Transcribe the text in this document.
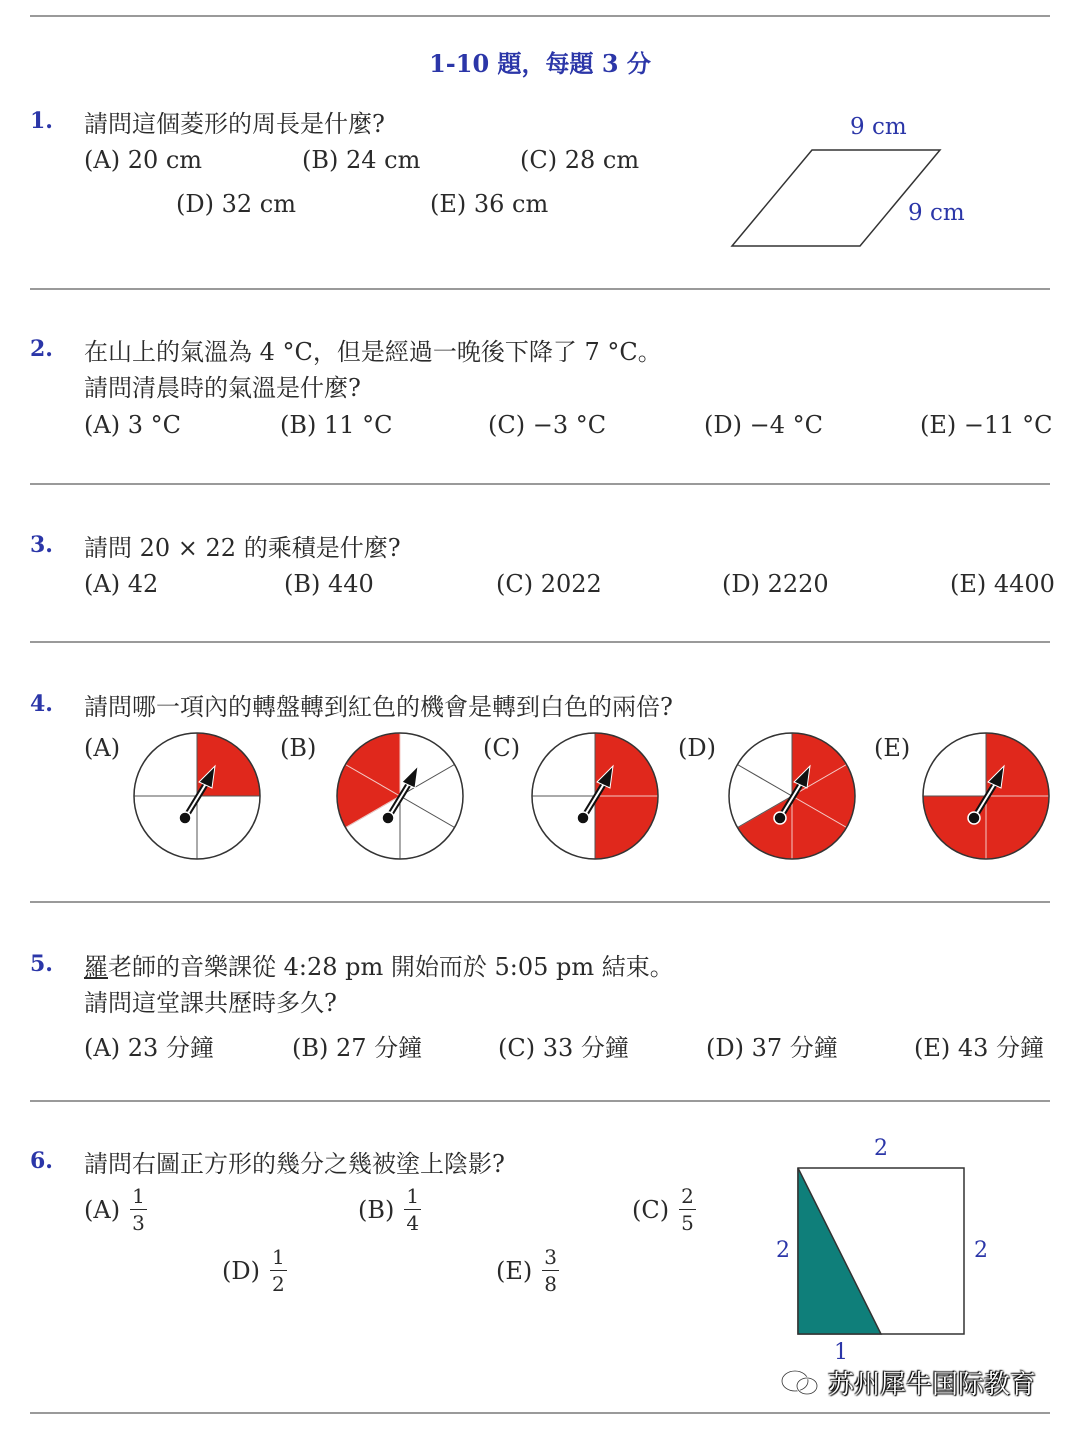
1-10 題，每題 3 分
1. 請問這個菱形的周長是什麼?
(A) 20 cm	(B) 24 cm	(C) 28 cm
(D) 32 cm	(E) 36 cm
9 cm
9 cm
2. 在山上的氣溫為 4 °C，但是經過一晚後下降了 7 °C。
請問清晨時的氣溫是什麼?
(A) 3 °C	(B) 11 °C	(C) −3 °C	(D) −4 °C	(E) −11 °C
3. 請問 20 × 22 的乘積是什麼?
(A) 42	(B) 440	(C) 2022	(D) 2220	(E) 4400
4. 請問哪一項內的轉盤轉到紅色的機會是轉到白色的兩倍?
(A)	(B)	(C)	(D)	(E)
5. 羅老師的音樂課從 4:28 pm 開始而於 5:05 pm 結束。
請問這堂課共歷時多久?
(A) 23 分鐘	(B) 27 分鐘	(C) 33 分鐘	(D) 37 分鐘	(E) 43 分鐘
6. 請問右圖正方形的幾分之幾被塗上陰影?
$(A) \frac{1}{3}$	$(B) \frac{1}{4}$	$(C) \frac{2}{5}$
$(D) \frac{1}{2}$	$(E) \frac{3}{8}$
2
2	2
1
苏州犀牛国际教育
